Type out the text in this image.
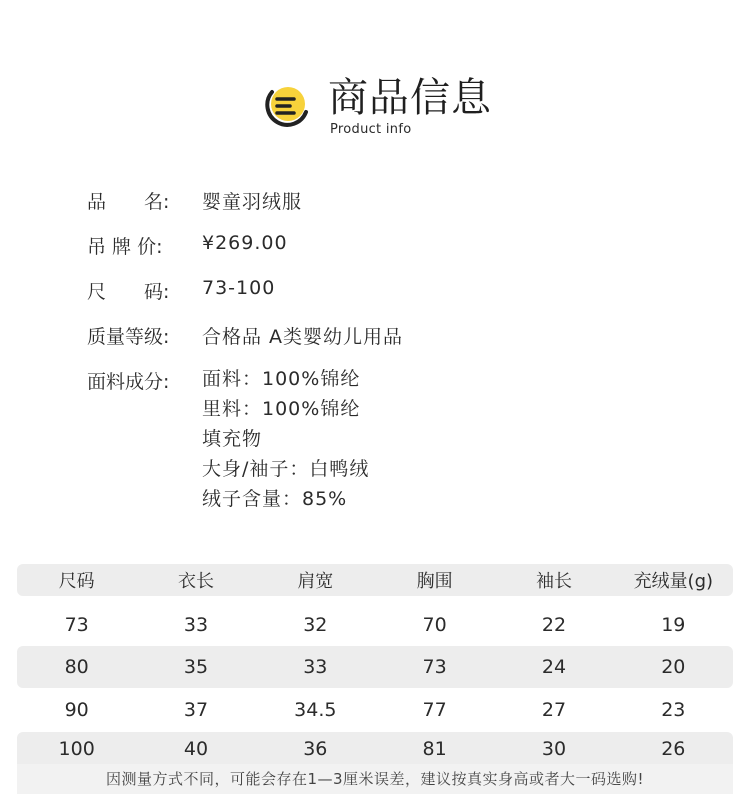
商品信息
Product info
品　　名:	婴童羽绒服
吊 牌 价:	¥269.00
尺　　码:	73-100
质量等级:	合格品 A类婴幼儿用品
面料成分:	面料：100%锦纶
里料：100%锦纶
填充物
大身/袖子：白鸭绒
绒子含量：85%
尺码	衣长	肩宽	胸围	袖长	充绒量(g)
73	33	32	70	22	19
80	35	33	73	24	20
90	37	34.5	77	27	23
100	40	36	81	30	26
因测量方式不同，可能会存在1—3厘米误差，建议按真实身高或者大一码选购!
